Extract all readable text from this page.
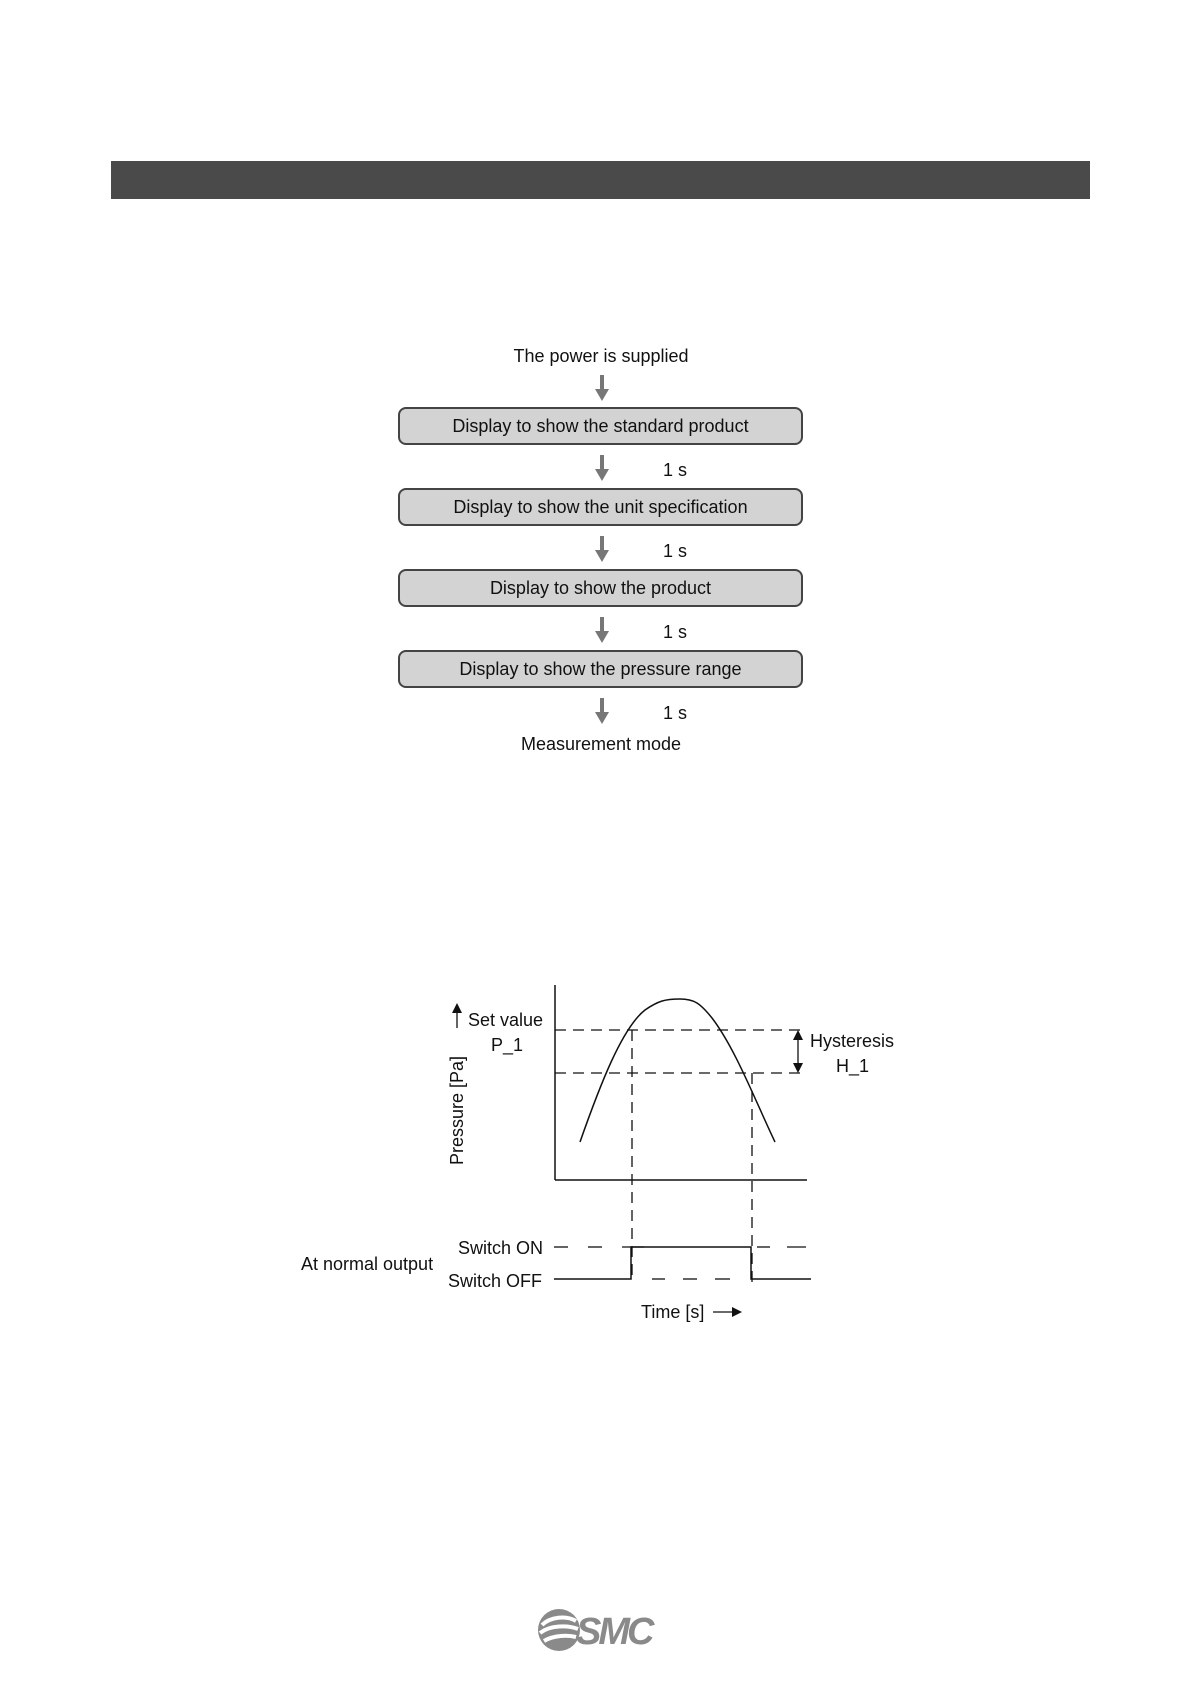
The power is supplied
Display to show the standard product
1 s
Display to show the unit specification
1 s
Display to show the product
1 s
Display to show the pressure range
1 s
Measurement mode
Pressure [Pa]
Set value
P_1	Hysteresis
H_1
At normal output
Switch ON
Switch OFF
Time [s]
SMC
